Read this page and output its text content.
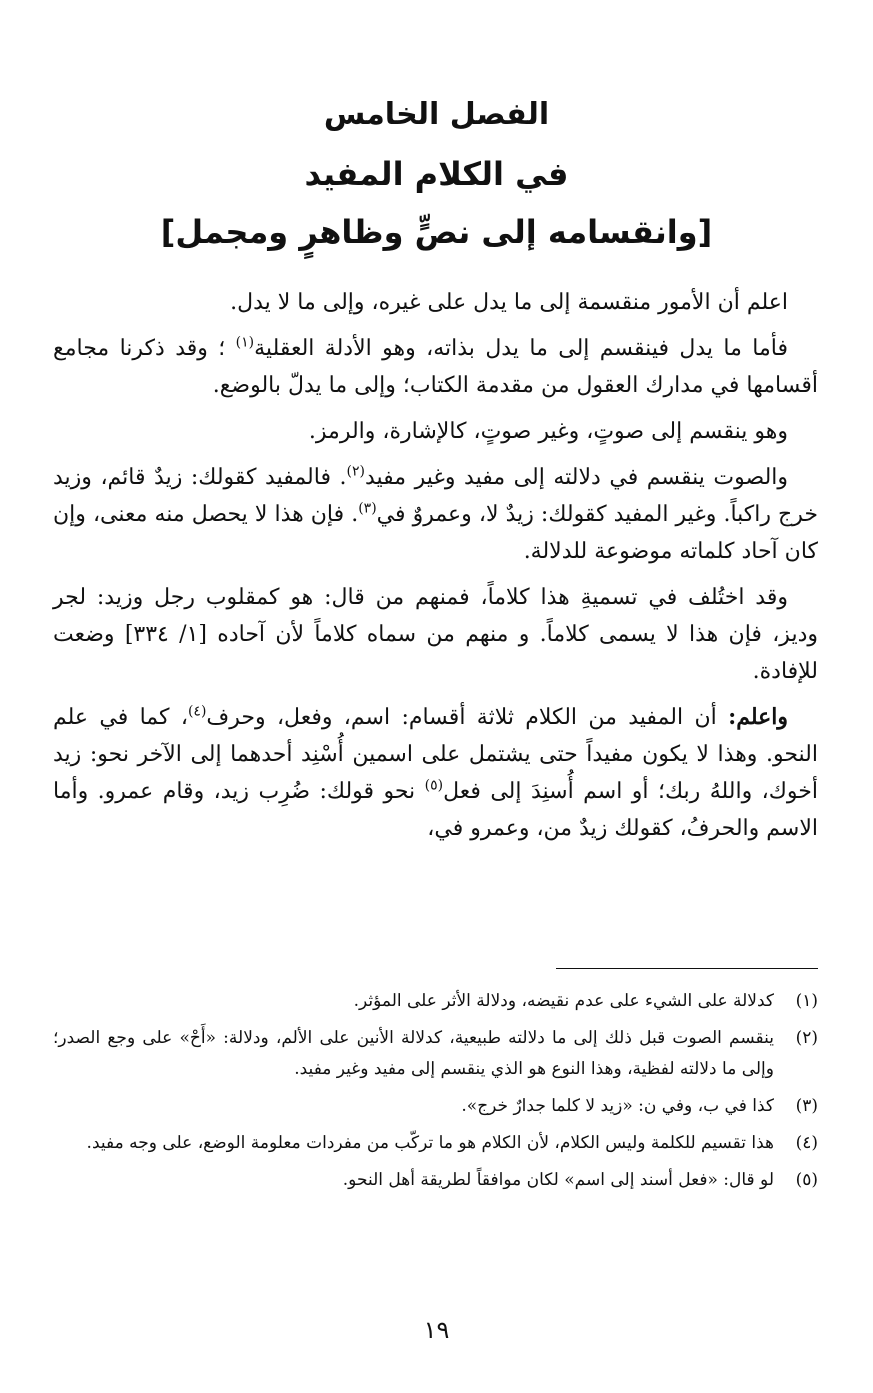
الفصل الخامس
في الكلام المفيد
[وانقسامه إلى نصٍّ وظاهرٍ ومجمل]

اعلم أن الأمور منقسمة إلى ما يدل على غيره، وإلى ما لا يدل.

فأما ما يدل فينقسم إلى ما يدل بذاته، وهو الأدلة العقلية$^{(١)}$ ؛ وقد ذكرنا مجامع أقسامها في مدارك العقول من مقدمة الكتاب؛ وإلى ما يدلّ بالوضع.

وهو ينقسم إلى صوتٍ، وغير صوتٍ، كالإشارة، والرمز.

والصوت ينقسم في دلالته إلى مفيد وغير مفيد$^{(٢)}$. فالمفيد كقولك: زيدٌ قائم، وزيد خرج راكباً. وغير المفيد كقولك: زيدٌ لا، وعمروٌ في$^{(٣)}$. فإن هذا لا يحصل منه معنى، وإن كان آحاد كلماته موضوعة للدلالة.

وقد اختُلف في تسميةِ هذا كلاماً، فمنهم من قال: هو كمقلوب رجل وزيد: لجر وديز، فإن هذا لا يسمى كلاماً. و منهم من سماه كلاماً لأن آحاده [١/ ٣٣٤] وضعت للإفادة.

واعلم: أن المفيد من الكلام ثلاثة أقسام: اسم، وفعل، وحرف$^{(٤)}$، كما في علم النحو. وهذا لا يكون مفيداً حتى يشتمل على اسمين أُسْنِد أحدهما إلى الآخر نحو: زيد أخوك، واللهُ ربك؛ أو اسم أُسنِدَ إلى فعل$^{(٥)}$ نحو قولك: ضُرِب زيد، وقام عمرو. وأما الاسم والحرفُ، كقولك زيدٌ من، وعمرو في،

(١)
كدلالة على الشيء على عدم نقيضه، ودلالة الأثر على المؤثر.
(٢)
ينقسم الصوت قبل ذلك إلى ما دلالته طبيعية، كدلالة الأنين على الألم، ودلالة: «أَحْ» على وجع الصدر؛ وإلى ما دلالته لفظية، وهذا النوع هو الذي ينقسم إلى مفيد وغير مفيد.
(٣)
كذا في ب، وفي ن: «زيد لا كلما جدارٌ خرج».
(٤)
هذا تقسيم للكلمة وليس الكلام، لأن الكلام هو ما تركّب من مفردات معلومة الوضع، على وجه مفيد.
(٥)
لو قال: «فعل أسند إلى اسم» لكان موافقاً لطريقة أهل النحو.
١٩
